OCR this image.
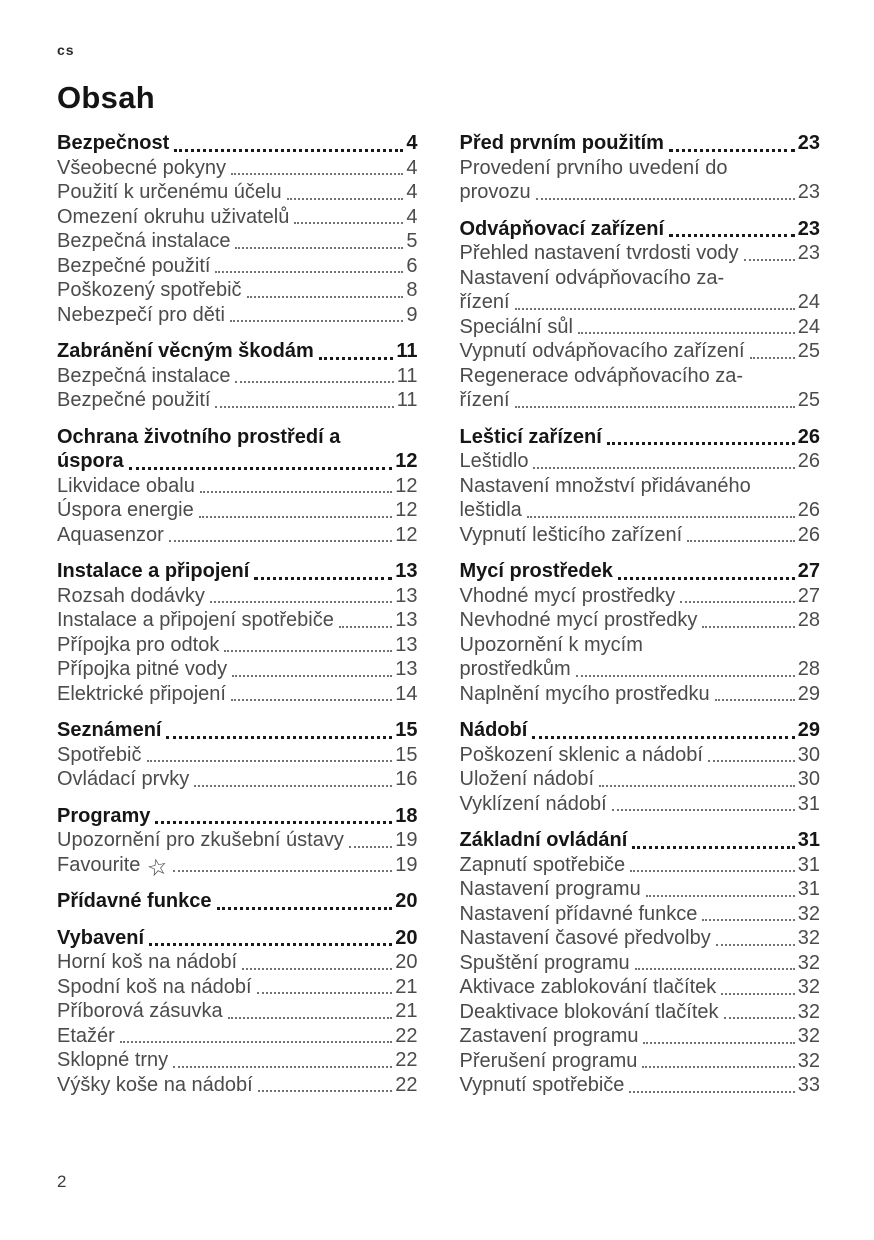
cs
Obsah
Bezpečnost	4
Všeobecné pokyny	4
Použití k určenému účelu	4
Omezení okruhu uživatelů	4
Bezpečná instalace	5
Bezpečné použití	6
Poškozený spotřebič	8
Nebezpečí pro děti	9
Zabránění věcným škodám	11
Bezpečná instalace	11
Bezpečné použití	11
Ochrana životního prostředí a
úspora	12
Likvidace obalu	12
Úspora energie	12
Aquasenzor	12
Instalace a připojení	13
Rozsah dodávky	13
Instalace a připojení spotřebiče	13
Přípojka pro odtok	13
Přípojka pitné vody	13
Elektrické připojení	14
Seznámení	15
Spotřebič	15
Ovládací prvky	16
Programy	18
Upozornění pro zkušební ústavy	19
Favourite ☆	19
Přídavné funkce	20
Vybavení	20
Horní koš na nádobí	20
Spodní koš na nádobí	21
Příborová zásuvka	21
Etažér	22
Sklopné trny	22
Výšky koše na nádobí	22
Před prvním použitím	23
Provedení prvního uvedení do
provozu	23
Odvápňovací zařízení	23
Přehled nastavení tvrdosti vody	23
Nastavení odvápňovacího za-
řízení	24
Speciální sůl	24
Vypnutí odvápňovacího zařízení	25
Regenerace odvápňovacího za-
řízení	25
Lešticí zařízení	26
Leštidlo	26
Nastavení množství přidávaného
leštidla	26
Vypnutí lešticího zařízení	26
Mycí prostředek	27
Vhodné mycí prostředky	27
Nevhodné mycí prostředky	28
Upozornění k mycím
prostředkům	28
Naplnění mycího prostředku	29
Nádobí	29
Poškození sklenic a nádobí	30
Uložení nádobí	30
Vyklízení nádobí	31
Základní ovládání	31
Zapnutí spotřebiče	31
Nastavení programu	31
Nastavení přídavné funkce	32
Nastavení časové předvolby	32
Spuštění programu	32
Aktivace zablokování tlačítek	32
Deaktivace blokování tlačítek	32
Zastavení programu	32
Přerušení programu	32
Vypnutí spotřebiče	33
2
